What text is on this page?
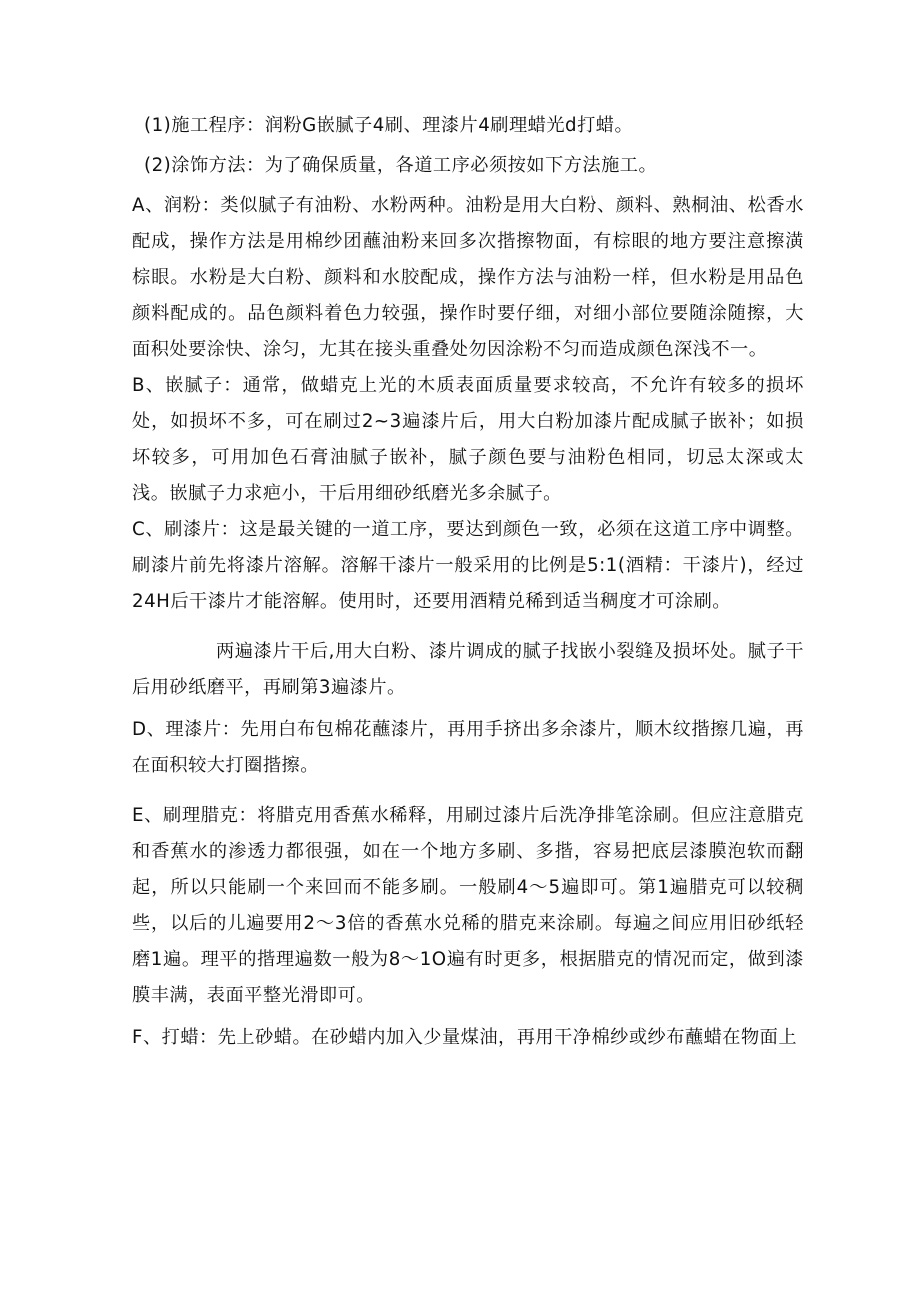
(1)施工程序：润粉G嵌腻子4刷、理漆片4刷理蜡光d打蜡。

(2)涂饰方法：为了确保质量，各道工序必须按如下方法施工。

A、润粉：类似腻子有油粉、水粉两种。油粉是用大白粉、颜料、熟桐油、松香水配成，操作方法是用棉纱团蘸油粉来回多次揩擦物面，有棕眼的地方要注意擦潢棕眼。水粉是大白粉、颜料和水胶配成，操作方法与油粉一样，但水粉是用品色颜料配成的。品色颜料着色力较强，操作时要仔细，对细小部位要随涂随擦，大面积处要涂快、涂匀，尢其在接头重叠处勿因涂粉不匀而造成颜色深浅不一。

B、嵌腻子：通常，做蜡克上光的木质表面质量要求较高，不允许有较多的损坏处，如损坏不多，可在刷过2~3遍漆片后，用大白粉加漆片配成腻子嵌补；如损坏较多，可用加色石膏油腻子嵌补，腻子颜色要与油粉色相同，切忌太深或太浅。嵌腻子力求疤小，干后用细砂纸磨光多余腻子。

C、刷漆片：这是最关键的一道工序，要达到颜色一致，必须在这道工序中调整。刷漆片前先将漆片溶解。溶解干漆片一般采用的比例是5:1(酒精：干漆片)，经过24H后干漆片才能溶解。使用时，还要用酒精兑稀到适当稠度才可涂刷。

两遍漆片干后,用大白粉、漆片调成的腻子找嵌小裂缝及损坏处。腻子干后用砂纸磨平，再刷第3遍漆片。

D、理漆片：先用白布包棉花蘸漆片，再用手挤出多余漆片，顺木纹揩擦几遍，再在面积较大打圈揩擦。

E、刷理腊克：将腊克用香蕉水稀释，用刷过漆片后洗净排笔涂刷。但应注意腊克和香蕉水的渗透力都很强，如在一个地方多刷、多揩，容易把底层漆膜泡软而翻起，所以只能刷一个来回而不能多刷。一般刷4～5遍即可。第1遍腊克可以较稠些，以后的儿遍要用2～3倍的香蕉水兑稀的腊克来涂刷。每遍之间应用旧砂纸轻磨1遍。理平的揩理遍数一般为8～1O遍有时更多，根据腊克的情况而定，做到漆膜丰满，表面平整光滑即可。

F、打蜡：先上砂蜡。在砂蜡内加入少量煤油，再用干净棉纱或纱布蘸蜡在物面上
